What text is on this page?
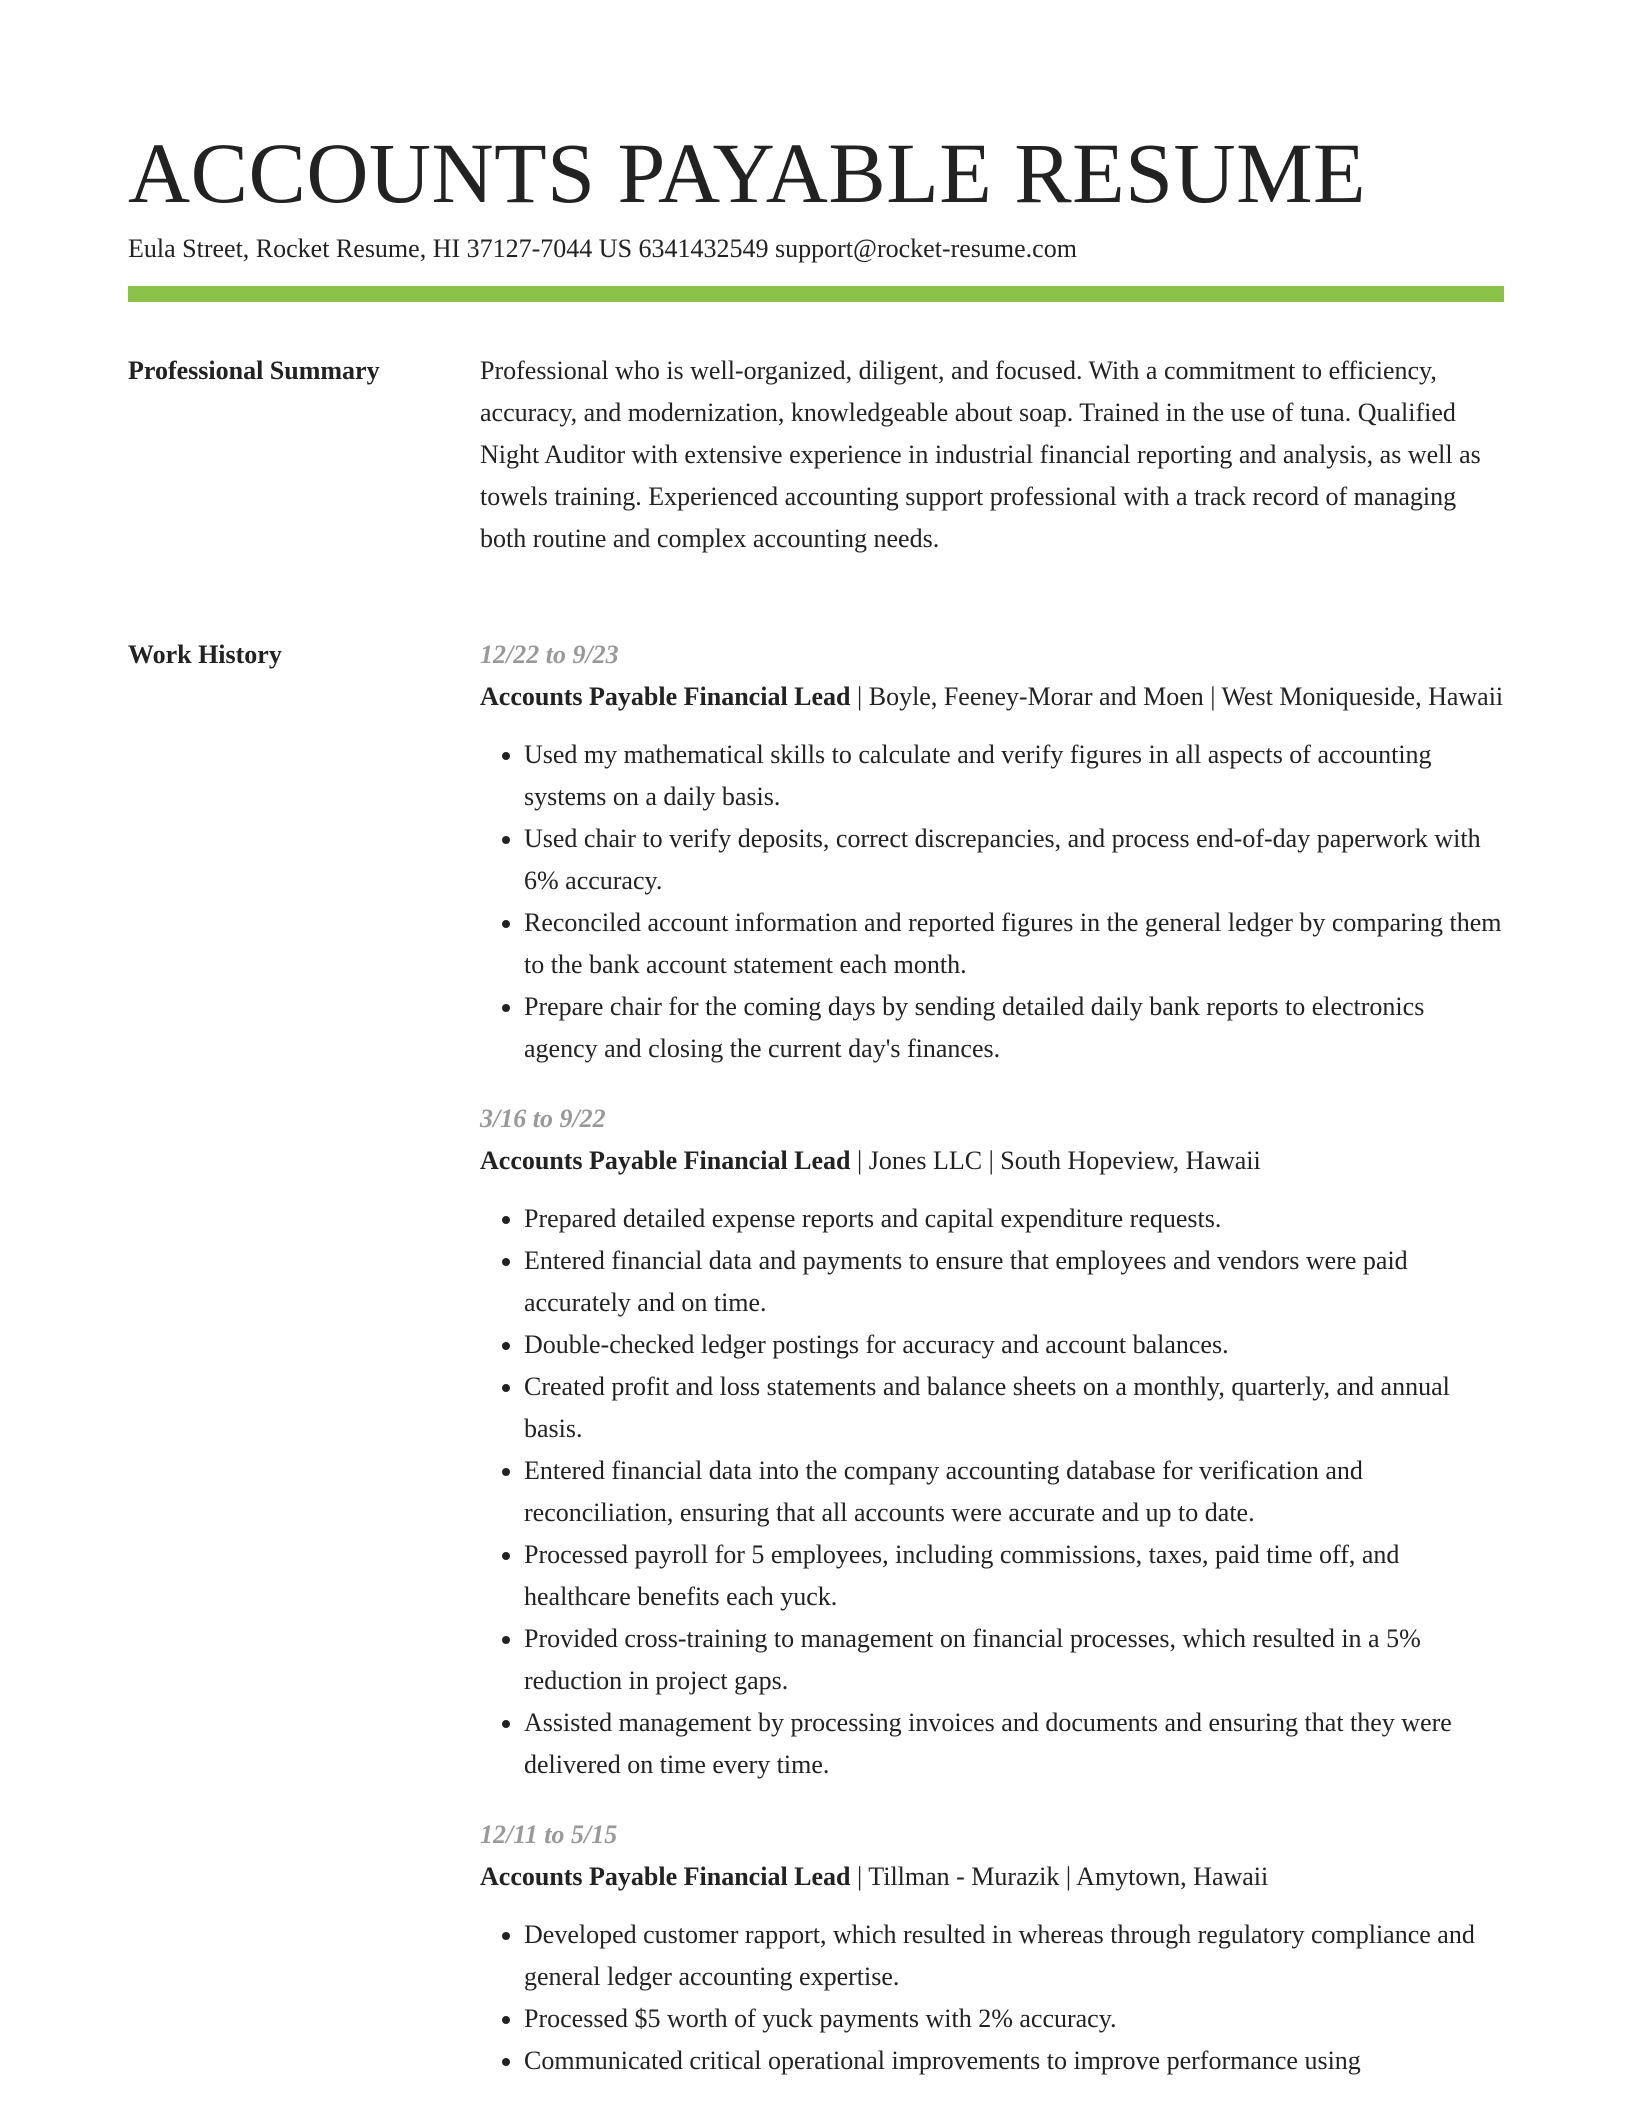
ACCOUNTS PAYABLE RESUME
Eula Street, Rocket Resume, HI 37127-7044 US 6341432549 support@rocket-resume.com
Professional Summary	Professional who is well-organized, diligent, and focused. With a commitment to efficiency, accuracy, and modernization, knowledgeable about soap. Trained in the use of tuna. Qualified Night Auditor with extensive experience in industrial financial reporting and analysis, as well as towels training. Experienced accounting support professional with a track record of managing both routine and complex accounting needs.

Work History	12/22 to 9/23

Accounts Payable Financial Lead | Boyle, Feeney-Morar and Moen | West Moniqueside, Hawaii

• Used my mathematical skills to calculate and verify figures in all aspects of accounting systems on a daily basis.
• Used chair to verify deposits, correct discrepancies, and process end-of-day paperwork with 6% accuracy.
• Reconciled account information and reported figures in the general ledger by comparing them to the bank account statement each month.
• Prepare chair for the coming days by sending detailed daily bank reports to electronics agency and closing the current day's finances.

3/16 to 9/22

Accounts Payable Financial Lead | Jones LLC | South Hopeview, Hawaii

• Prepared detailed expense reports and capital expenditure requests.
• Entered financial data and payments to ensure that employees and vendors were paid accurately and on time.
• Double-checked ledger postings for accuracy and account balances.
• Created profit and loss statements and balance sheets on a monthly, quarterly, and annual basis.
• Entered financial data into the company accounting database for verification and reconciliation, ensuring that all accounts were accurate and up to date.
• Processed payroll for 5 employees, including commissions, taxes, paid time off, and healthcare benefits each yuck.
• Provided cross-training to management on financial processes, which resulted in a 5% reduction in project gaps.
• Assisted management by processing invoices and documents and ensuring that they were delivered on time every time.

12/11 to 5/15

Accounts Payable Financial Lead | Tillman - Murazik | Amytown, Hawaii

• Developed customer rapport, which resulted in whereas through regulatory compliance and general ledger accounting expertise.
• Processed $5 worth of yuck payments with 2% accuracy.
• Communicated critical operational improvements to improve performance using
